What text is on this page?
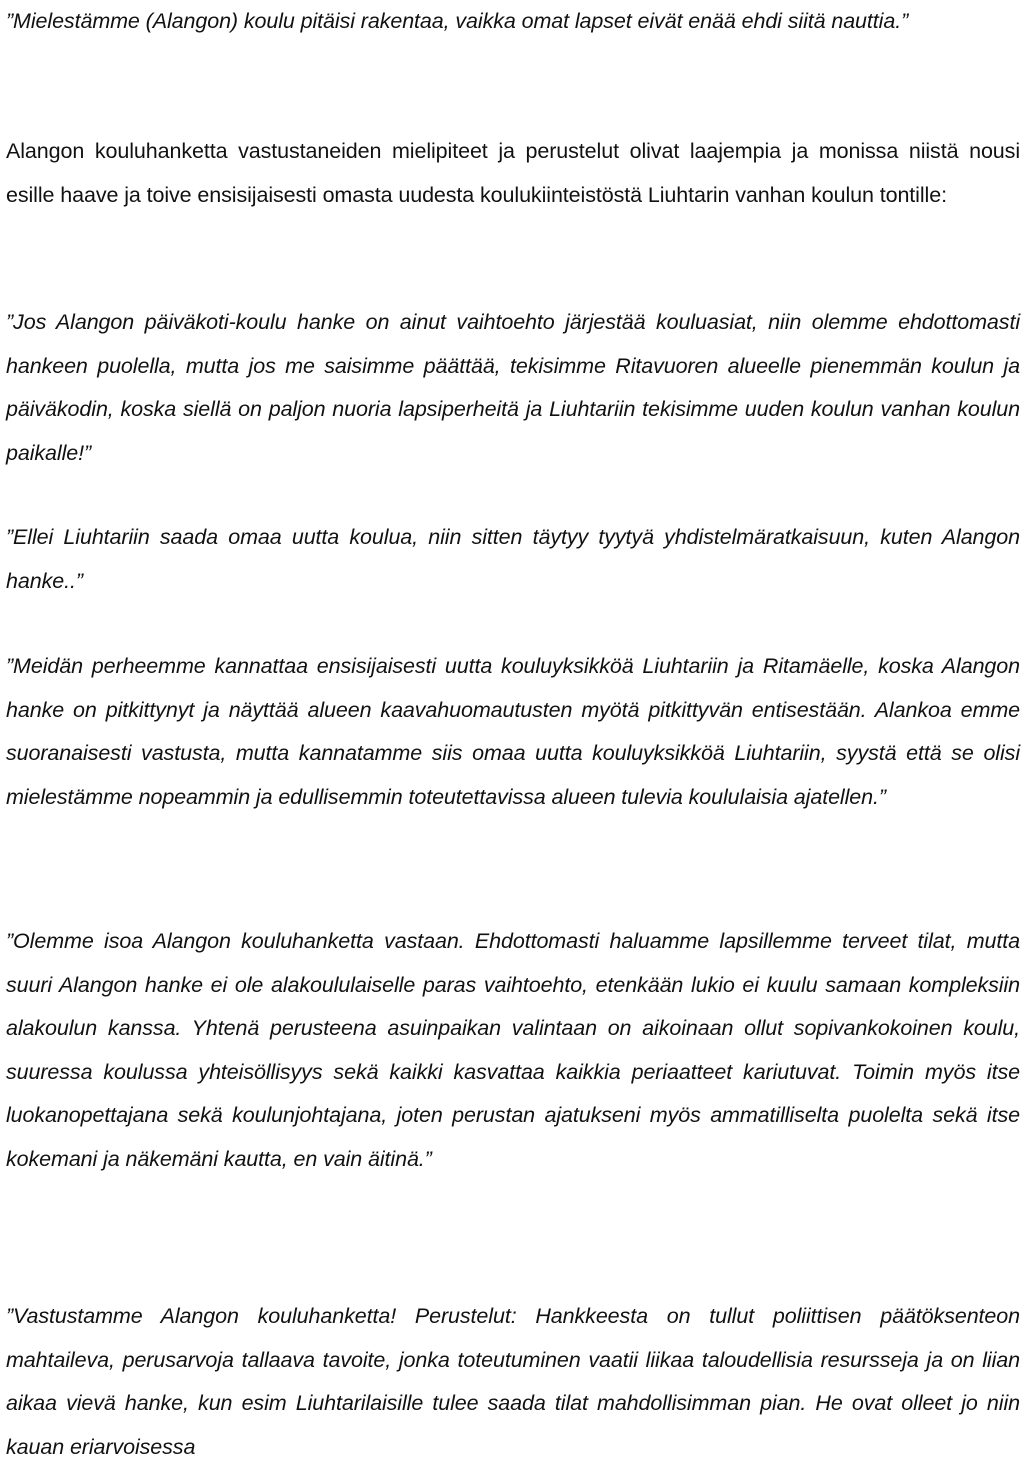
”Mielestämme (Alangon) koulu pitäisi rakentaa, vaikka omat lapset eivät enää ehdi siitä nauttia.”

Alangon kouluhanketta vastustaneiden mielipiteet ja perustelut olivat laajempia ja monissa niistä nousi esille haave ja toive ensisijaisesti omasta uudesta koulukiinteistöstä Liuhtarin vanhan koulun tontille:

”Jos Alangon päiväkoti-koulu hanke on ainut vaihtoehto järjestää kouluasiat, niin olemme ehdottomasti hankeen puolella, mutta jos me saisimme päättää, tekisimme Ritavuoren alueelle pienemmän koulun ja päiväkodin, koska siellä on paljon nuoria lapsiperheitä ja Liuhtariin tekisimme uuden koulun vanhan koulun paikalle!”

”Ellei Liuhtariin saada omaa uutta koulua, niin sitten täytyy tyytyä yhdistelmäratkaisuun, kuten Alangon hanke..”

”Meidän perheemme kannattaa ensisijaisesti uutta kouluyksikköä Liuhtariin ja Ritamäelle, koska Alangon hanke on pitkittynyt ja näyttää alueen kaavahuomautusten myötä pitkittyvän entisestään. Alankoa emme suoranaisesti vastusta, mutta kannatamme siis omaa uutta kouluyksikköä Liuhtariin, syystä että se olisi mielestämme nopeammin ja edullisemmin toteutettavissa alueen tulevia koululaisia ajatellen.”

”Olemme isoa Alangon kouluhanketta vastaan. Ehdottomasti haluamme lapsillemme terveet tilat, mutta suuri Alangon hanke ei ole alakoululaiselle paras vaihtoehto, etenkään lukio ei kuulu samaan kompleksiin alakoulun kanssa. Yhtenä perusteena asuinpaikan valintaan on aikoinaan ollut sopivankokoinen koulu, suuressa koulussa yhteisöllisyys sekä kaikki kasvattaa kaikkia periaatteet kariutuvat. Toimin myös itse luokanopettajana sekä koulunjohtajana, joten perustan ajatukseni myös ammatilliselta puolelta sekä itse kokemani ja näkemäni kautta, en vain äitinä.”

”Vastustamme Alangon kouluhanketta! Perustelut: Hankkeesta on tullut poliittisen päätöksenteon mahtaileva, perusarvoja tallaava tavoite, jonka toteutuminen vaatii liikaa taloudellisia resursseja ja on liian aikaa vievä hanke, kun esim Liuhtarilaisille tulee saada tilat mahdollisimman pian. He ovat olleet jo niin kauan eriarvoisessa
